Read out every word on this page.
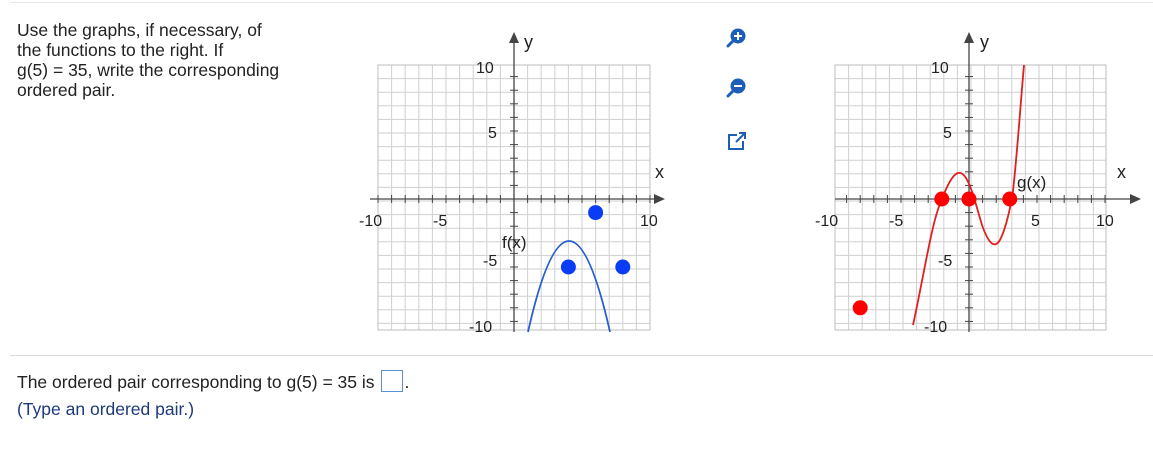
Use the graphs, if necessary, of
the functions to the right. If
g(5) = 35, write the corresponding
ordered pair.
y
x
10
5
-5
-10
-10	-5	10
f(x)
y
x
10
5
-5
-10
-10	-5	5	10
g(x)
The ordered pair corresponding to g(5) = 35 is .
(Type an ordered pair.)
